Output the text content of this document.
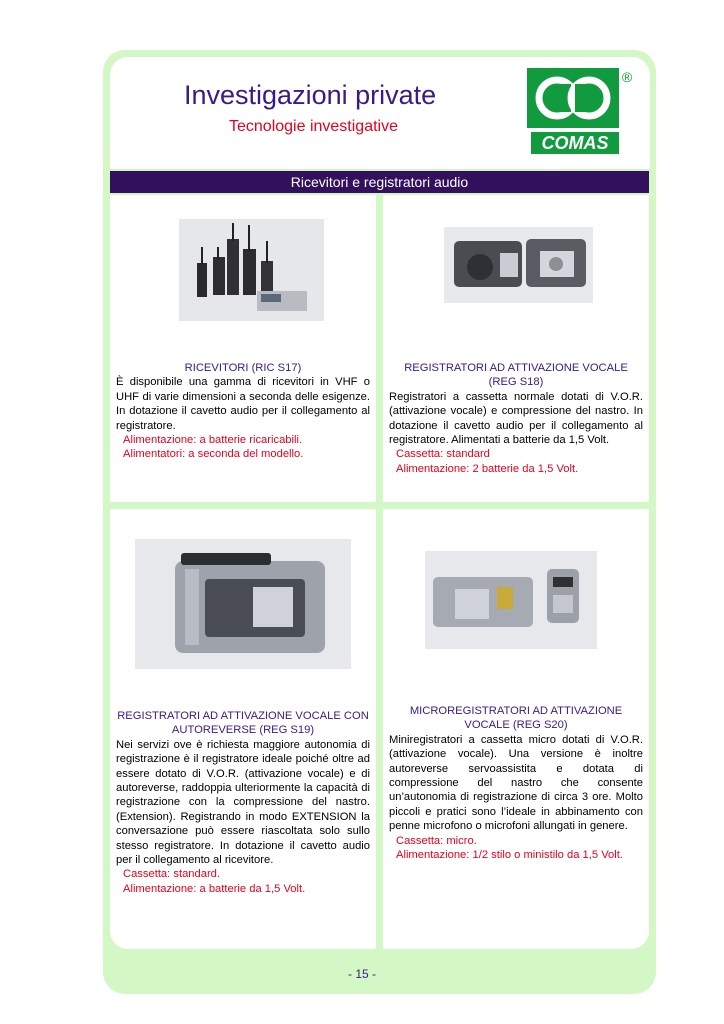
Investigazioni private
Tecnologie investigative
COMAS
®
Ricevitori e registratori audio
RICEVITORI (RIC S17)
È disponibile una gamma di ricevitori in VHF o UHF di varie dimensioni a seconda delle esigenze. In dotazione il cavetto audio per il collegamento al registratore.
Alimentazione: a batterie ricaricabili.
Alimentatori: a seconda del modello.
REGISTRATORI AD ATTIVAZIONE VOCALE (REG S18)
Registratori a cassetta normale dotati di V.O.R. (attivazione vocale) e compressione del nastro. In dotazione il cavetto audio per il collegamento al registratore. Alimentati a batterie da 1,5 Volt.
Cassetta: standard
Alimentazione: 2 batterie da 1,5 Volt.
REGISTRATORI AD ATTIVAZIONE VOCALE CON AUTOREVERSE (REG S19)
Nei servizi ove è richiesta maggiore autonomia di registrazione è il registratore ideale poiché oltre ad essere dotato di V.O.R. (attivazione vocale) e di autoreverse, raddoppia ulteriormente la capacità di registrazione con la compressione del nastro. (Extension). Registrando in modo EXTENSION la conversazione può essere riascoltata solo sullo stesso registratore. In dotazione il cavetto audio per il collegamento al ricevitore.
Cassetta: standard.
Alimentazione: a batterie da 1,5 Volt.
MICROREGISTRATORI AD ATTIVAZIONE VOCALE (REG S20)
Miniregistratori a cassetta micro dotati di V.O.R. (attivazione vocale). Una versione è inoltre autoreverse servoassistita e dotata di compressione del nastro che consente un’autonomia di registrazione di circa 3 ore. Molto piccoli e pratici sono l’ideale in abbinamento con penne microfono o microfoni allungati in genere.
Cassetta: micro.
Alimentazione: 1/2 stilo o ministilo da 1,5 Volt.
- 15 -
